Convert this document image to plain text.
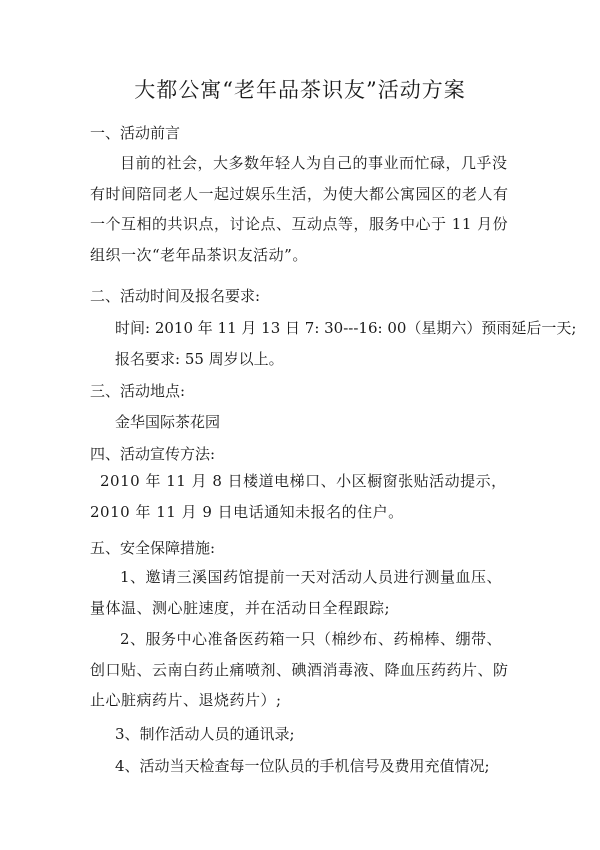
大都公寓“老年品茶识友”活动方案

一、活动前言

目前的社会，大多数年轻人为自己的事业而忙碌，几乎没有时间陪同老人一起过娱乐生活，为使大都公寓园区的老人有一个互相的共识点，讨论点、互动点等，服务中心于 11 月份组织一次“老年品茶识友活动”。

二、活动时间及报名要求:

时间: 2010 年 11 月 13 日 7: 30---16: 00（星期六）预雨延后一天;

报名要求: 55 周岁以上。

三、活动地点:

金华国际茶花园

四、活动宣传方法:

2010 年 11 月 8 日楼道电梯口、小区橱窗张贴活动提示，2010 年 11 月 9 日电话通知未报名的住户。

五、安全保障措施:

1、邀请三溪国药馆提前一天对活动人员进行测量血压、量体温、测心脏速度，并在活动日全程跟踪;

2、服务中心准备医药箱一只（棉纱布、药棉棒、绷带、创口贴、云南白药止痛喷剂、碘酒消毒液、降血压药药片、防止心脏病药片、退烧药片）;

3、制作活动人员的通讯录;

4、活动当天检查每一位队员的手机信号及费用充值情况;
